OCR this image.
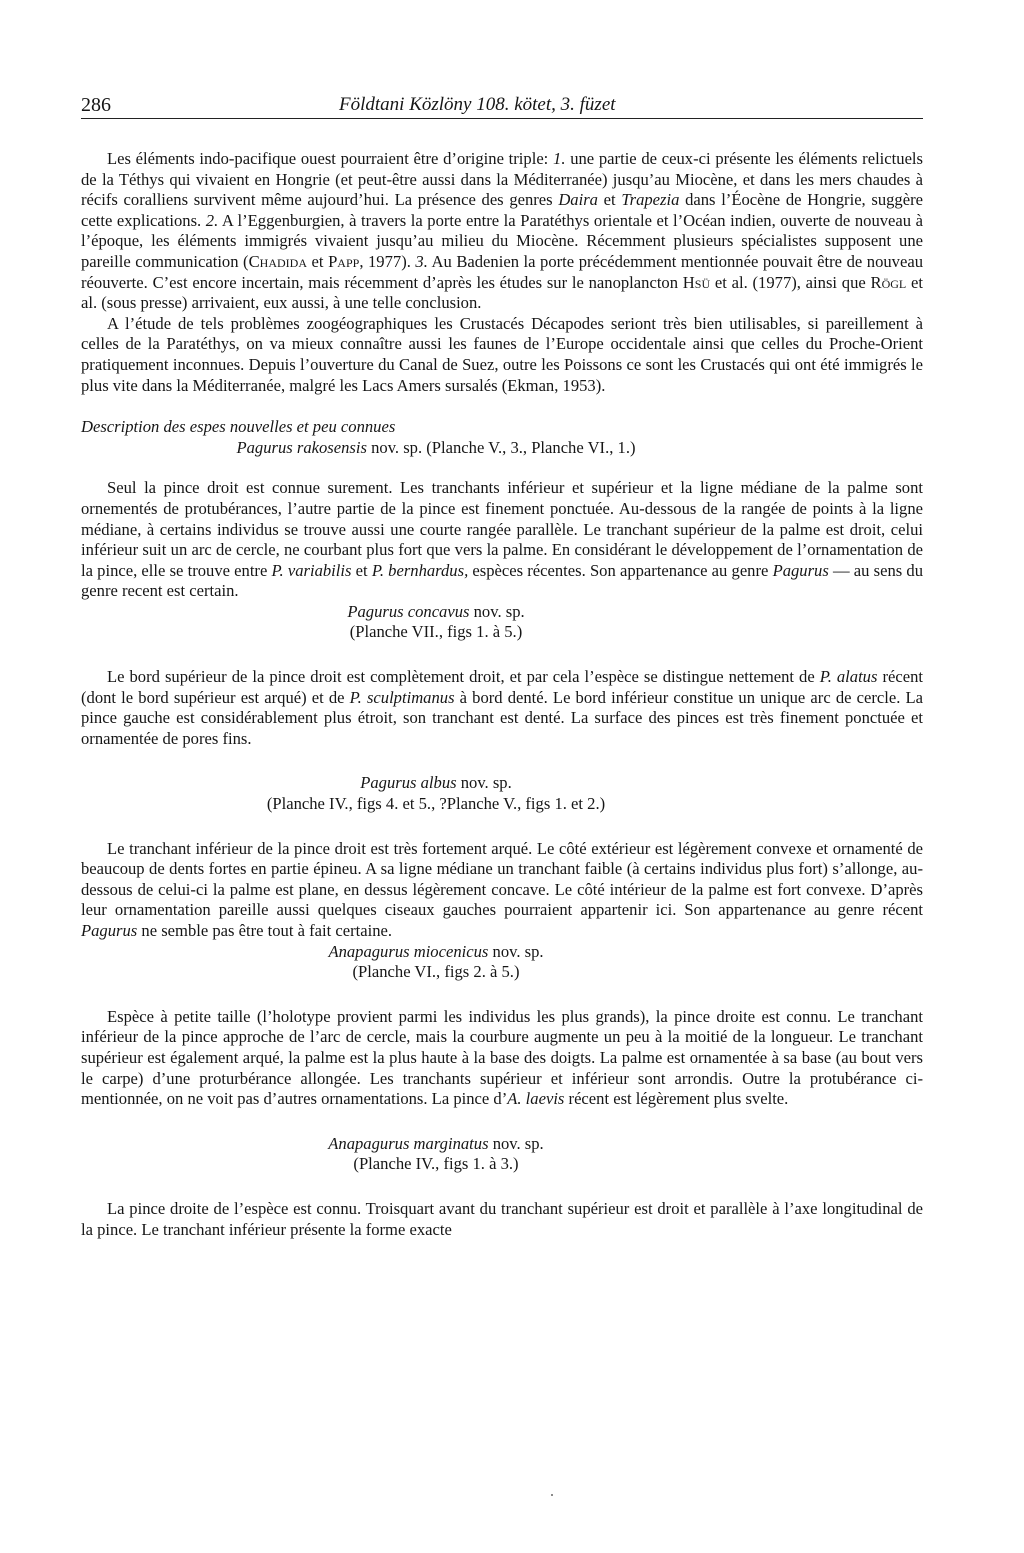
286	Földtani Közlöny 108. kötet, 3. füzet

Les éléments indo-pacifique ouest pourraient être d’origine triple: 1. une partie de ceux-ci présente les éléments relictuels de la Téthys qui vivaient en Hongrie (et peut-être aussi dans la Méditerranée) jusqu’au Miocène, et dans les mers chaudes à récifs coralliens survivent même aujourd’hui. La présence des genres Daira et Trapezia dans l’Éocène de Hongrie, suggère cette explications. 2. A l’Eggenburgien, à travers la porte entre la Paratéthys orientale et l’Océan indien, ouverte de nouveau à l’époque, les éléments immigrés vivaient jusqu’au milieu du Miocène. Récemment plusieurs spécialistes supposent une pareille communication (Chadida et Papp, 1977). 3. Au Badenien la porte précédemment mentionnée pouvait être de nouveau réouverte. C’est encore incertain, mais récemment d’après les études sur le nanoplancton Hsü et al. (1977), ainsi que Rögl et al. (sous presse) arrivaient, eux aussi, à une telle conclusion.

A l’étude de tels problèmes zoogéographiques les Crustacés Décapodes seriont très bien utilisables, si pareillement à celles de la Paratéthys, on va mieux connaître aussi les faunes de l’Europe occidentale ainsi que celles du Proche-Orient pratiquement inconnues. Depuis l’ouverture du Canal de Suez, outre les Poissons ce sont les Crustacés qui ont été immigrés le plus vite dans la Méditerranée, malgré les Lacs Amers sursalés (Ekman, 1953).

Description des espes nouvelles et peu connues
Pagurus rakosensis nov. sp. (Planche V., 3., Planche VI., 1.)

Seul la pince droit est connue surement. Les tranchants inférieur et supérieur et la ligne médiane de la palme sont ornementés de protubérances, l’autre partie de la pince est finement ponctuée. Au-dessous de la rangée de points à la ligne médiane, à certains individus se trouve aussi une courte rangée parallèle. Le tranchant supérieur de la palme est droit, celui inférieur suit un arc de cercle, ne courbant plus fort que vers la palme. En considérant le développement de l’ornamentation de la pince, elle se trouve entre P. variabilis et P. bernhardus, espèces récentes. Son appartenance au genre Pagurus — au sens du genre recent est certain.

Pagurus concavus nov. sp.
(Planche VII., figs 1. à 5.)

Le bord supérieur de la pince droit est complètement droit, et par cela l’espèce se distingue nettement de P. alatus récent (dont le bord supérieur est arqué) et de P. sculptimanus à bord denté. Le bord inférieur constitue un unique arc de cercle. La pince gauche est considérablement plus étroit, son tranchant est denté. La surface des pinces est très finement ponctuée et ornamentée de pores fins.

Pagurus albus nov. sp.
(Planche IV., figs 4. et 5., ?Planche V., figs 1. et 2.)

Le tranchant inférieur de la pince droit est très fortement arqué. Le côté extérieur est légèrement convexe et ornamenté de beaucoup de dents fortes en partie épineu. A sa ligne médiane un tranchant faible (à certains individus plus fort) s’allonge, au-dessous de celui-ci la palme est plane, en dessus légèrement concave. Le côté intérieur de la palme est fort convexe. D’après leur ornamentation pareille aussi quelques ciseaux gauches pourraient appartenir ici. Son appartenance au genre récent Pagurus ne semble pas être tout à fait certaine.

Anapagurus miocenicus nov. sp.
(Planche VI., figs 2. à 5.)

Espèce à petite taille (l’holotype provient parmi les individus les plus grands), la pince droite est connu. Le tranchant inférieur de la pince approche de l’arc de cercle, mais la courbure augmente un peu à la moitié de la longueur. Le tranchant supérieur est également arqué, la palme est la plus haute à la base des doigts. La palme est ornamentée à sa base (au bout vers le carpe) d’une proturbérance allongée. Les tranchants supérieur et inférieur sont arrondis. Outre la protubérance ci-mentionnée, on ne voit pas d’autres ornamentations. La pince d’A. laevis récent est légèrement plus svelte.

Anapagurus marginatus nov. sp.
(Planche IV., figs 1. à 3.)

La pince droite de l’espèce est connu. Troisquart avant du tranchant supérieur est droit et parallèle à l’axe longitudinal de la pince. Le tranchant inférieur présente la forme exacte
